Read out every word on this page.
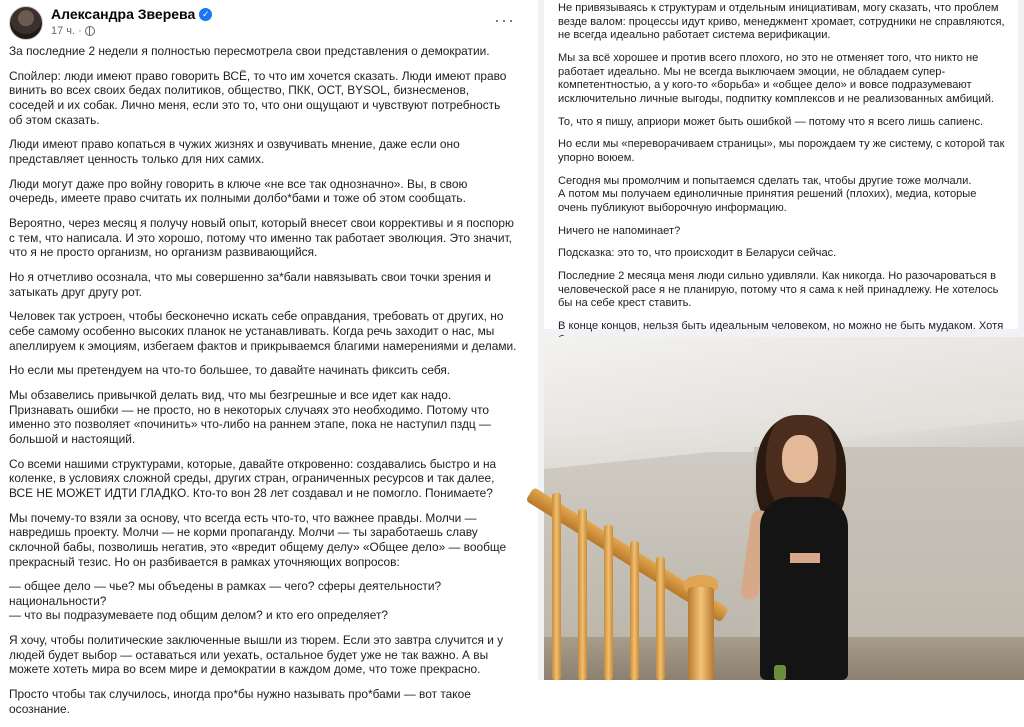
Александра Зверева ✓
17 ч. ·
···

За последние 2 недели я полностью пересмотрела свои представления о демократии.

Спойлер: люди имеют право говорить ВСЁ, то что им хочется сказать. Люди имеют право винить во всех своих бедах политиков, общество, ПКК, ОСТ, BYSOL, бизнесменов, соседей и их собак. Лично меня, если это то, что они ощущают и чувствуют потребность об этом сказать.

Люди имеют право копаться в чужих жизнях и озвучивать мнение, даже если оно представляет ценность только для них самих.

Люди могут даже про войну говорить в ключе «не все так однозначно». Вы, в свою очередь, имеете право считать их полными долбо*бами и тоже об этом сообщать.

Вероятно, через месяц я получу новый опыт, который внесет свои коррективы и я поспорю с тем, что написала. И это хорошо, потому что именно так работает эволюция. Это значит, что я не просто организм, но организм развивающийся.

Но я отчетливо осознала, что мы совершенно за*бали навязывать свои точки зрения и затыкать друг другу рот.

Человек так устроен, чтобы бесконечно искать себе оправдания, требовать от других, но себе самому особенно высоких планок не устанавливать. Когда речь заходит о нас, мы апеллируем к эмоциям, избегаем фактов и прикрываемся благими намерениями и делами.

Но если мы претендуем на что-то большее, то давайте начинать фиксить себя.

Мы обзавелись привычкой делать вид, что мы безгрешные и все идет как надо. Признавать ошибки — не просто, но в некоторых случаях это необходимо. Потому что именно это позволяет «починить» что-либо на раннем этапе, пока не наступил пздц — большой и настоящий.

Со всеми нашими структурами, которые, давайте откровенно: создавались быстро и на коленке, в условиях сложной среды, других стран, ограниченных ресурсов и так далее, ВСЕ НЕ МОЖЕТ ИДТИ ГЛАДКО. Кто-то вон 28 лет создавал и не помогло. Понимаете?

Мы почему-то взяли за основу, что всегда есть что-то, что важнее правды. Молчи — навредишь проекту. Молчи — не корми пропаганду. Молчи — ты заработаешь славу склочной бабы, позволишь негатив, это «вредит общему делу» «Общее дело» — вообще прекрасный тезис. Но он разбивается в рамках уточняющих вопросов:

— общее дело — чье? мы объедены в рамках — чего? сферы деятельности? национальности?
— что вы подразумеваете под общим делом? и кто его определяет?

Я хочу, чтобы политические заключенные вышли из тюрем. Если это завтра случится и у людей будет выбор — оставаться или уехать, остальное будет уже не так важно. А вы можете хотеть мира во всем мире и демократии в каждом доме, что тоже прекрасно.

Просто чтобы так случилось, иногда про*бы нужно называть про*бами — вот такое осознание.

Не привязываясь к структурам и отдельным инициативам, могу сказать, что проблем везде валом: процессы идут криво, менеджмент хромает, сотрудники не справляются, не всегда идеально работает система верификации.

Мы за всё хорошее и против всего плохого, но это не отменяет того, что никто не работает идеально. Мы не всегда выключаем эмоции, не обладаем супер-компетентностью, а у кого-то «борьба» и «общее дело» и вовсе подразумевают исключительно личные выгоды, подпитку комплексов и не реализованных амбиций.

То, что я пишу, априори может быть ошибкой — потому что я всего лишь сапиенс.

Но если мы «переворачиваем страницы», мы порождаем ту же систему, с которой так упорно воюем.

Сегодня мы промолчим и попытаемся сделать так, чтобы другие тоже молчали.
А потом мы получаем единоличные принятия решений (плохих), медиа, которые очень публикуют выборочную информацию.

Ничего не напоминает?

Подсказка: это то, что происходит в Беларуси сейчас.

Последние 2 месяца меня люди сильно удивляли. Как никогда. Но разочароваться в человеческой расе я не планирую, потому что я сама к ней принадлежу. Не хотелось бы на себе крест ставить.

В конце концов, нельзя быть идеальным человеком, но можно не быть мудаком. Хотя
